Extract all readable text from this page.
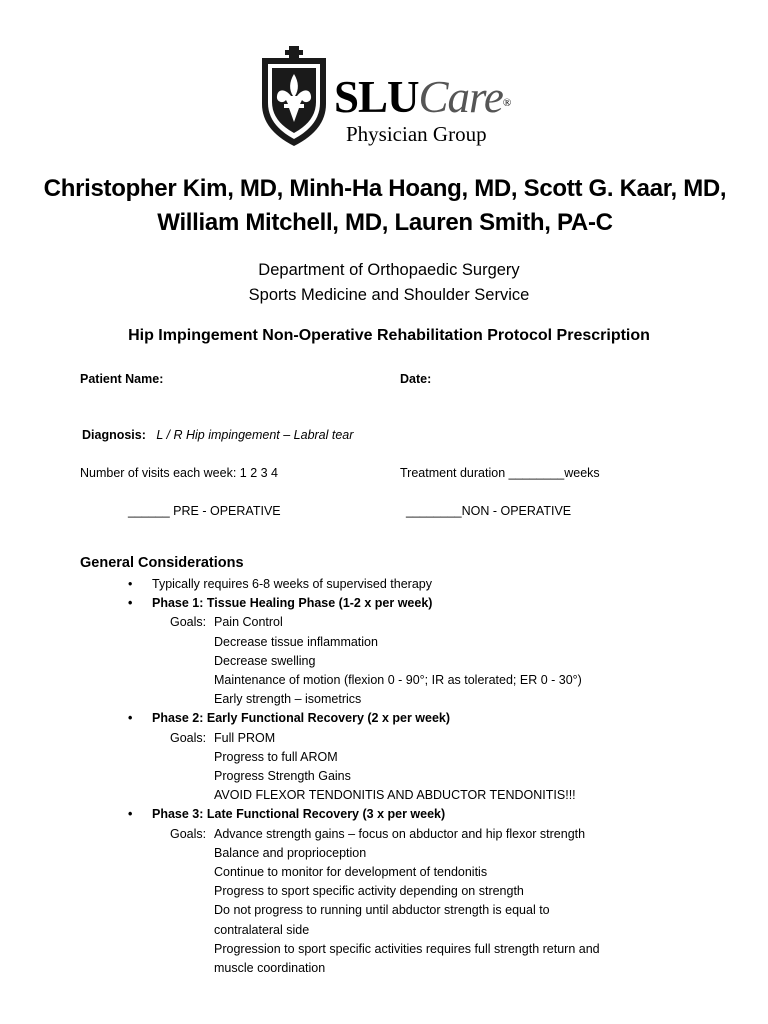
SLUCare®
Physician Group
Christopher Kim, MD, Minh-Ha Hoang, MD, Scott G. Kaar, MD, William Mitchell, MD, Lauren Smith, PA-C
Department of Orthopaedic Surgery
Sports Medicine and Shoulder Service
Hip Impingement Non-Operative Rehabilitation Protocol Prescription
Patient Name:	Date:
Diagnosis: L / R Hip impingement – Labral tear
Number of visits each week: 1 2 3 4	Treatment duration ________weeks
______ PRE - OPERATIVE	________NON - OPERATIVE
General Considerations
• Typically requires 6-8 weeks of supervised therapy
• Phase 1: Tissue Healing Phase (1-2 x per week)
Goals: Pain Control
Decrease tissue inflammation
Decrease swelling
Maintenance of motion (flexion 0 - 90°; IR as tolerated; ER 0 - 30°)
Early strength – isometrics
• Phase 2: Early Functional Recovery (2 x per week)
Goals: Full PROM
Progress to full AROM
Progress Strength Gains
AVOID FLEXOR TENDONITIS AND ABDUCTOR TENDONITIS!!!
• Phase 3: Late Functional Recovery (3 x per week)
Goals: Advance strength gains – focus on abductor and hip flexor strength
Balance and proprioception
Continue to monitor for development of tendonitis
Progress to sport specific activity depending on strength
Do not progress to running until abductor strength is equal to
contralateral side
Progression to sport specific activities requires full strength return and
muscle coordination
